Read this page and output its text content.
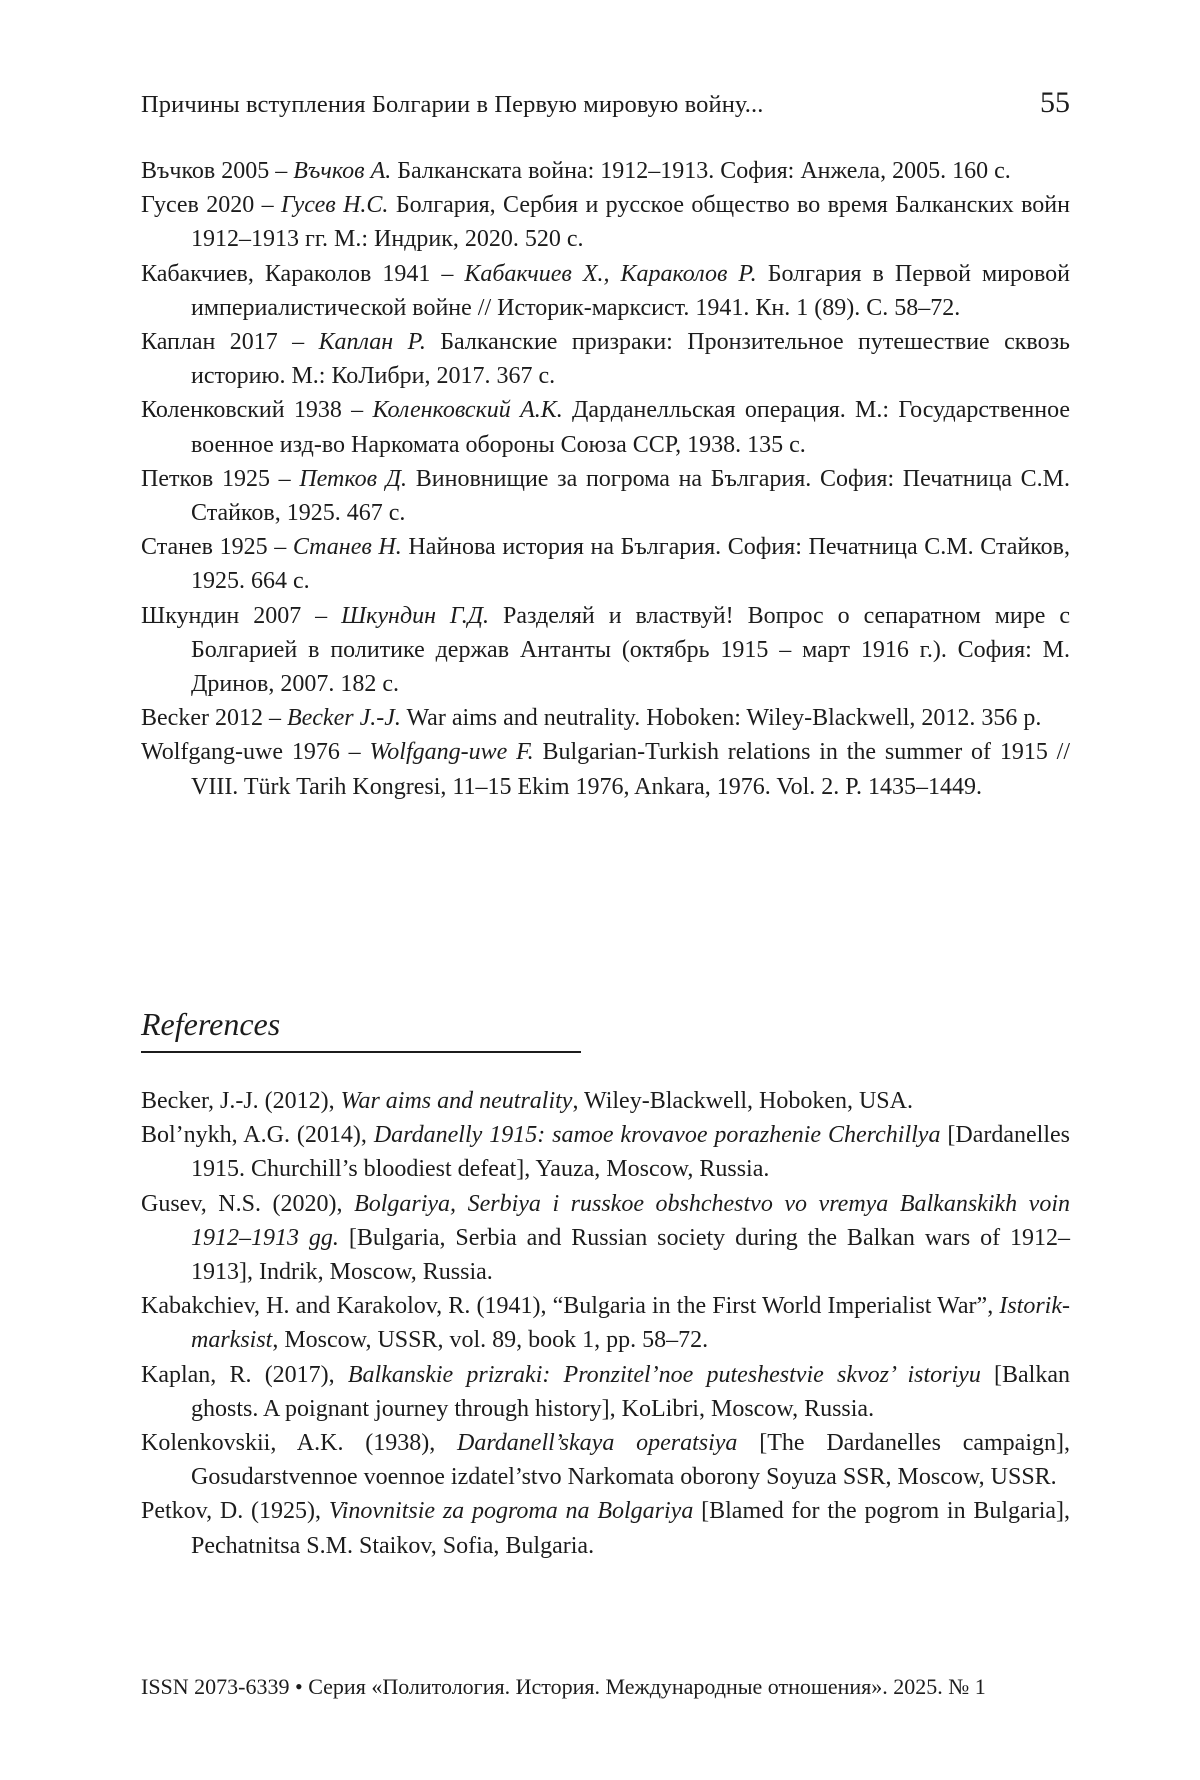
Причины вступления Болгарии в Первую мировую войну...	55
Въчков 2005 – Въчков А. Балканската война: 1912–1913. София: Анжела, 2005. 160 с.
Гусев 2020 – Гусев Н.С. Болгария, Сербия и русское общество во время Балканских войн 1912–1913 гг. М.: Индрик, 2020. 520 с.
Кабакчиев, Караколов 1941 – Кабакчиев Х., Караколов Р. Болгария в Первой мировой империалистической войне // Историк-марксист. 1941. Кн. 1 (89). С. 58–72.
Каплан 2017 – Каплан Р. Балканские призраки: Пронзительное путешествие сквозь историю. М.: КоЛибри, 2017. 367 с.
Коленковский 1938 – Коленковский А.К. Дарданелльская операция. М.: Государственное военное изд-во Наркомата обороны Союза ССР, 1938. 135 с.
Петков 1925 – Петков Д. Виновнищие за погрома на България. София: Печатница С.М. Стайков, 1925. 467 с.
Станев 1925 – Станев Н. Найнова история на България. София: Печатница С.М. Стайков, 1925. 664 с.
Шкундин 2007 – Шкундин Г.Д. Разделяй и властвуй! Вопрос о сепаратном мире с Болгарией в политике держав Антанты (октябрь 1915 – март 1916 г.). София: М. Дринов, 2007. 182 с.
Becker 2012 – Becker J.-J. War aims and neutrality. Hoboken: Wiley-Blackwell, 2012. 356 p.
Wolfgang-uwe 1976 – Wolfgang-uwe F. Bulgarian-Turkish relations in the summer of 1915 // VIII. Türk Tarih Kongresi, 11–15 Ekim 1976, Ankara, 1976. Vol. 2. P. 1435–1449.
References
Becker, J.-J. (2012), War aims and neutrality, Wiley-Blackwell, Hoboken, USA.
Bol’nykh, A.G. (2014), Dardanelly 1915: samoe krovavoe porazhenie Cherchillya [Dardanelles 1915. Churchill’s bloodiest defeat], Yauza, Moscow, Russia.
Gusev, N.S. (2020), Bolgariya, Serbiya i russkoe obshchestvo vo vremya Balkanskikh voin 1912–1913 gg. [Bulgaria, Serbia and Russian society during the Balkan wars of 1912–1913], Indrik, Moscow, Russia.
Kabakchiev, H. and Karakolov, R. (1941), “Bulgaria in the First World Imperialist War”, Istorik-marksist, Moscow, USSR, vol. 89, book 1, pp. 58–72.
Kaplan, R. (2017), Balkanskie prizraki: Pronzitel’noe puteshestvie skvoz’ istoriyu [Balkan ghosts. A poignant journey through history], KoLibri, Moscow, Russia.
Kolenkovskii, A.K. (1938), Dardanell’skaya operatsiya [The Dardanelles campaign], Gosudarstvennoe voennoe izdatel’stvo Narkomata oborony Soyuza SSR, Moscow, USSR.
Petkov, D. (1925), Vinovnitsie za pogroma na Bolgariya [Blamed for the pogrom in Bulgaria], Pechatnitsa S.M. Staikov, Sofia, Bulgaria.
ISSN 2073-6339 • Серия «Политология. История. Международные отношения». 2025. № 1
